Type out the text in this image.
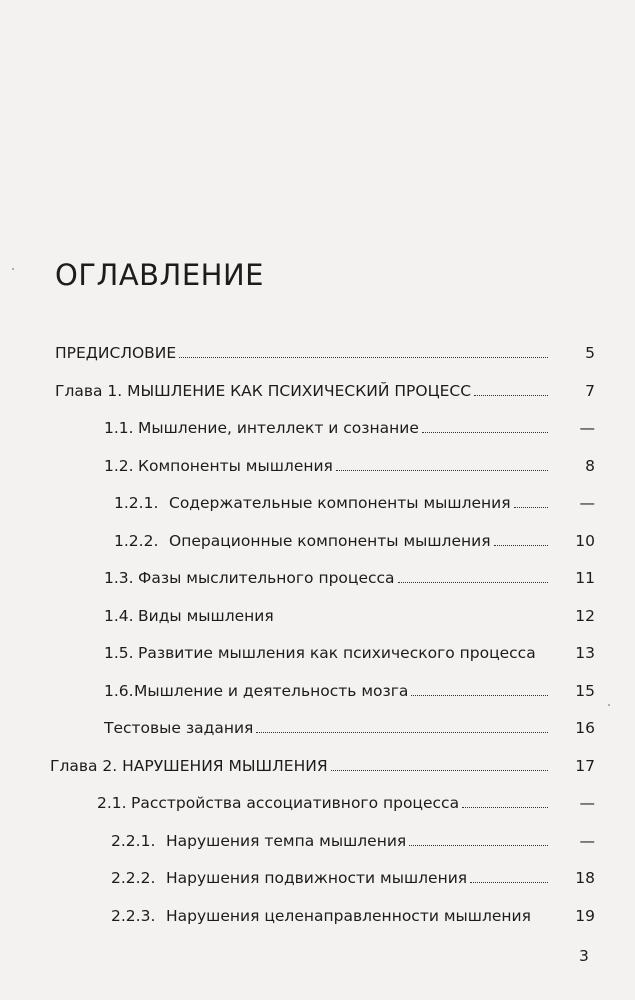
ОГЛАВЛЕНИЕ
ПРЕДИСЛОВИЕ
Глава 1. МЫШЛЕНИЕ КАК ПСИХИЧЕСКИЙ ПРОЦЕСС
1.1. Мышление, интеллект и сознание
1.2. Компоненты мышления
1.2.1. Содержательные компоненты мышления
1.2.2. Операционные компоненты мышления
1.3. Фазы мыслительного процесса
1.4. Виды мышления
1.5. Развитие мышления как психического процесса
1.6. Мышление и деятельность мозга
Тестовые задания
Глава 2. НАРУШЕНИЯ МЫШЛЕНИЯ
2.1. Расстройства ассоциативного процесса
2.2.1. Нарушения темпа мышления
2.2.2. Нарушения подвижности мышления
2.2.3. Нарушения целенаправленности мышления
5
7
—
8
—
10
11
12
13
15
16
17
—
—
18
19
3
